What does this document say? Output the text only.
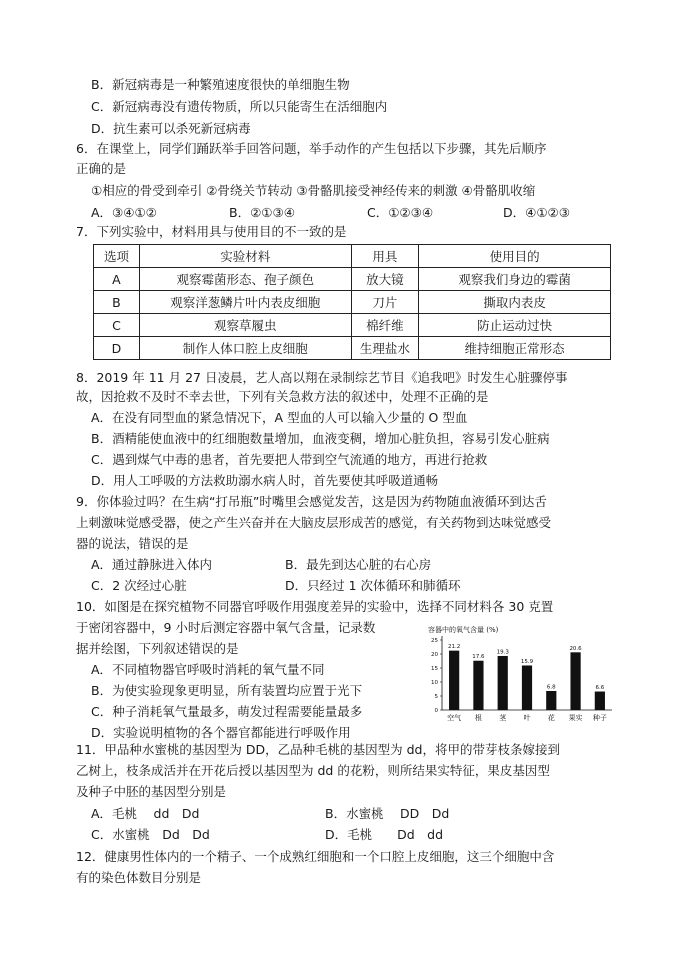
B．新冠病毒是一种繁殖速度很快的单细胞生物
C．新冠病毒没有遗传物质，所以只能寄生在活细胞内
D．抗生素可以杀死新冠病毒
6．在课堂上，同学们踊跃举手回答问题，举手动作的产生包括以下步骤，其先后顺序
正确的是
①相应的骨受到牵引 ②骨绕关节转动 ③骨骼肌接受神经传来的刺激 ④骨骼肌收缩
A．③④①②	B．②①③④	C．①②③④	D．④①②③
7．下列实验中，材料用具与使用目的不一致的是
选项	实验材料	用具	使用目的
A	观察霉菌形态、孢子颜色	放大镜	观察我们身边的霉菌
B	观察洋葱鳞片叶内表皮细胞	刀片	撕取内表皮
C	观察草履虫	棉纤维	防止运动过快
D	制作人体口腔上皮细胞	生理盐水	维持细胞正常形态
8．2019 年 11 月 27 日凌晨，艺人高以翔在录制综艺节目《追我吧》时发生心脏骤停事
故，因抢救不及时不幸去世，下列有关急救方法的叙述中，处理不正确的是
A．在没有同型血的紧急情况下，A 型血的人可以输入少量的 O 型血
B．酒精能使血液中的红细胞数量增加，血液变稠，增加心脏负担，容易引发心脏病
C．遇到煤气中毒的患者，首先要把人带到空气流通的地方，再进行抢救
D．用人工呼吸的方法救助溺水病人时，首先要使其呼吸道通畅
9．你体验过吗？在生病“打吊瓶”时嘴里会感觉发苦，这是因为药物随血液循环到达舌
上刺激味觉感受器，使之产生兴奋并在大脑皮层形成苦的感觉，有关药物到达味觉感受
器的说法，错误的是
A．通过静脉进入体内	B．最先到达心脏的右心房
C．2 次经过心脏	D．只经过 1 次体循环和肺循环
10．如图是在探究植物不同器官呼吸作用强度差异的实验中，选择不同材料各 30 克置
于密闭容器中，9 小时后测定容器中氧气含量，记录数
据并绘图，下列叙述错误的是
A．不同植物器官呼吸时消耗的氧气量不同
B．为使实验现象更明显，所有装置均应置于光下
C．种子消耗氧气量最多，萌发过程需要能量最多
D．实验说明植物的各个器官都能进行呼吸作用
容器中的氧气含量 (%)
0
5
10
15
20
25
21.2
空气
17.6
根
19.3
茎
15.9
叶
6.8
花
20.6
果实
6.6
种子
11．甲品种水蜜桃的基因型为 DD，乙品种毛桃的基因型为 dd，将甲的带芽枝条嫁接到
乙树上，枝条成活并在开花后授以基因型为 dd 的花粉，则所结果实特征，果皮基因型
及种子中胚的基因型分别是
A．毛桃　 dd　Dd	B．水蜜桃　 DD　Dd
C．水蜜桃　Dd　Dd	D．毛桃　　Dd　dd
12．健康男性体内的一个精子、一个成熟红细胞和一个口腔上皮细胞，这三个细胞中含
有的染色体数目分别是
